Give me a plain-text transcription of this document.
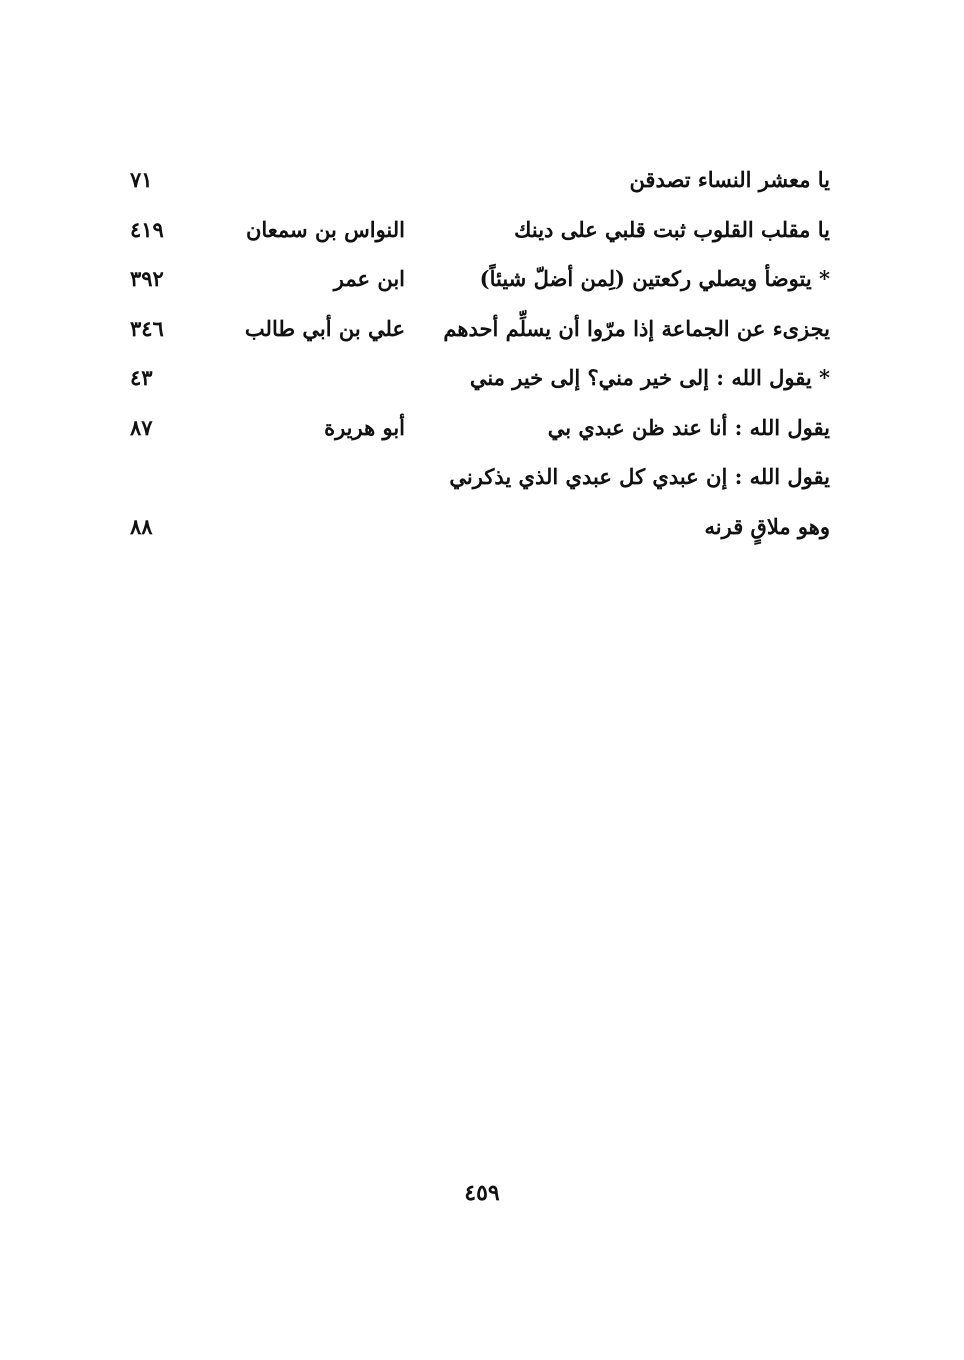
يا معشر النساء تصدقن
٧١
يا مقلب القلوب ثبت قلبي على دينك
النواس بن سمعان
٤١٩
* يتوضأ ويصلي ركعتين (لِمن أضلّ شيئاً)
ابن عمر
٣٩٢
يجزىء عن الجماعة إذا مرّوا أن يسلِّم أحدهم
علي بن أبي طالب
٣٤٦
* يقول الله : إلى خير مني؟ إلى خير مني
٤٣
يقول الله : أنا عند ظن عبدي بي
أبو هريرة
٨٧
يقول الله : إن عبدي كل عبدي الذي يذكرني
وهو ملاقٍ قرنه
٨٨
٤٥٩
